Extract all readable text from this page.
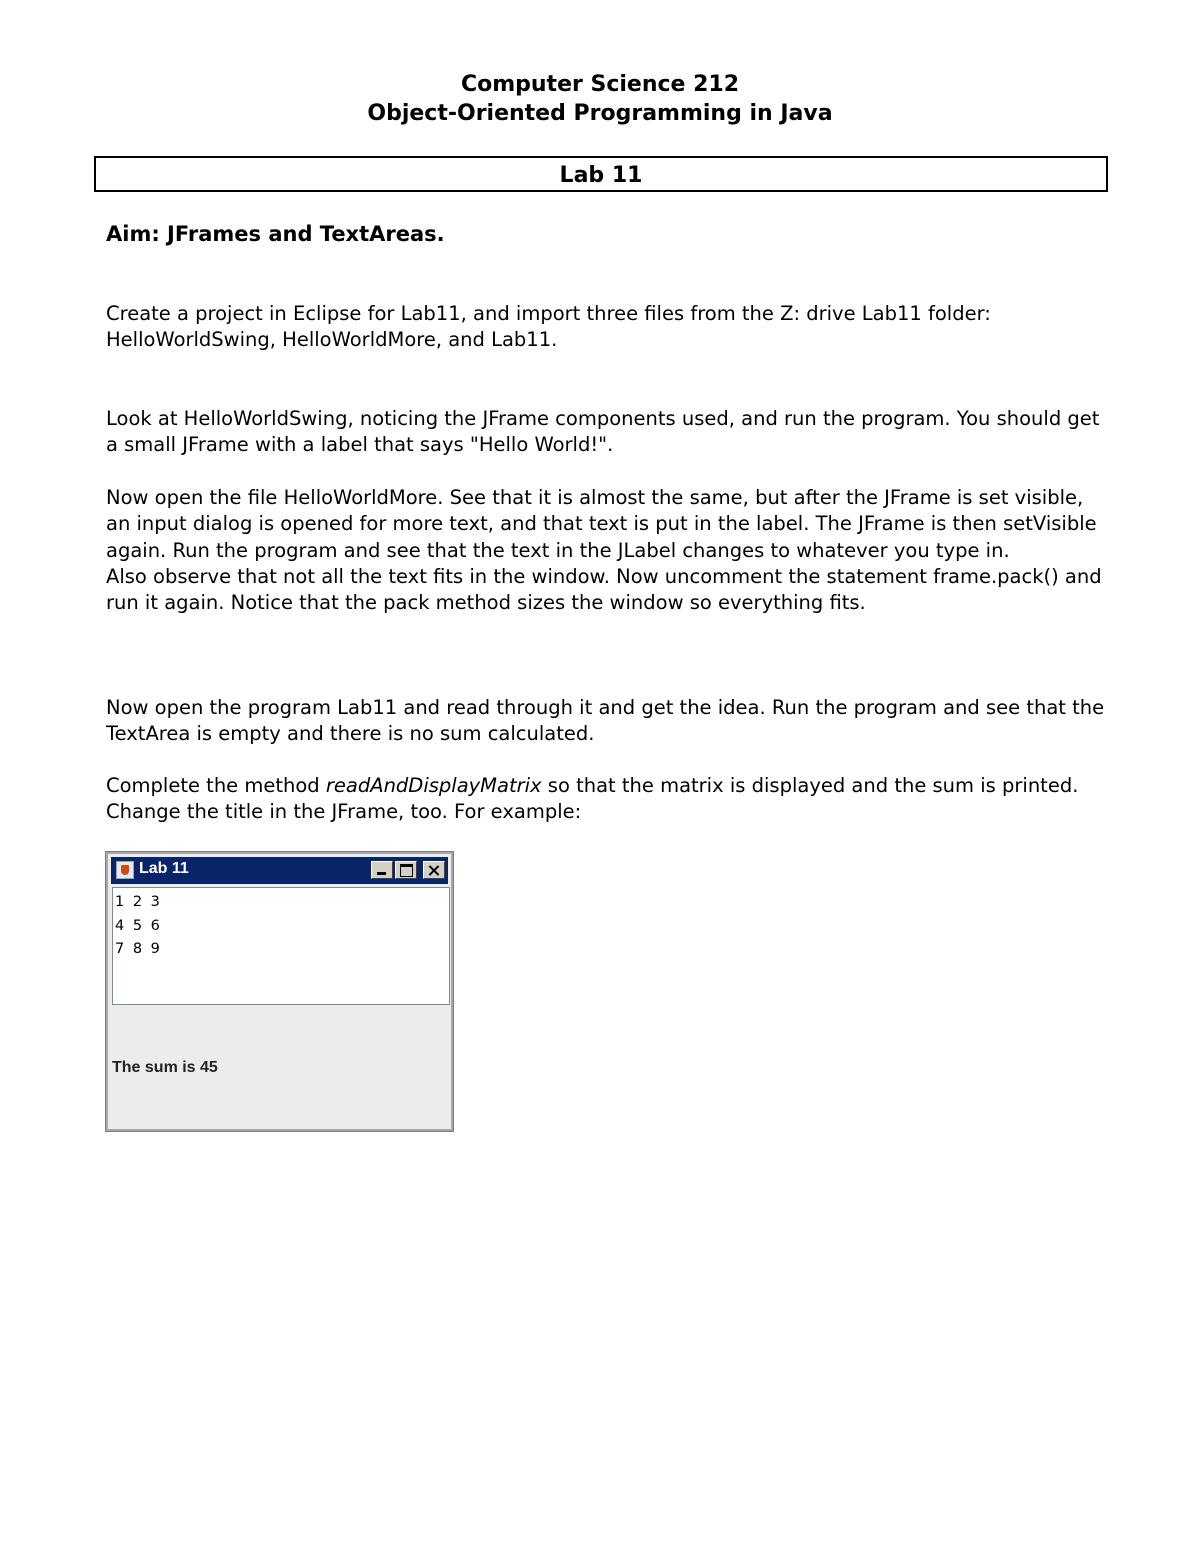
Computer Science 212
Object-Oriented Programming in Java
Lab 11
Aim: JFrames and TextAreas.

Create a project in Eclipse for Lab11, and import three files from the Z: drive Lab11 folder: HelloWorldSwing, HelloWorldMore, and Lab11.

Look at HelloWorldSwing, noticing the JFrame components used, and run the program. You should get a small JFrame with a label that says "Hello World!".

Now open the file HelloWorldMore. See that it is almost the same, but after the JFrame is set visible, an input dialog is opened for more text, and that text is put in the label. The JFrame is then setVisible again. Run the program and see that the text in the JLabel changes to whatever you type in.

Also observe that not all the text fits in the window. Now uncomment the statement frame.pack() and run it again. Notice that the pack method sizes the window so everything fits.

Now open the program Lab11 and read through it and get the idea. Run the program and see that the TextArea is empty and there is no sum calculated.

Complete the method readAndDisplayMatrix so that the matrix is displayed and the sum is printed. Change the title in the JFrame, too. For example:

Lab 11
1 2 3
4 5 6
7 8 9
The sum is 45
